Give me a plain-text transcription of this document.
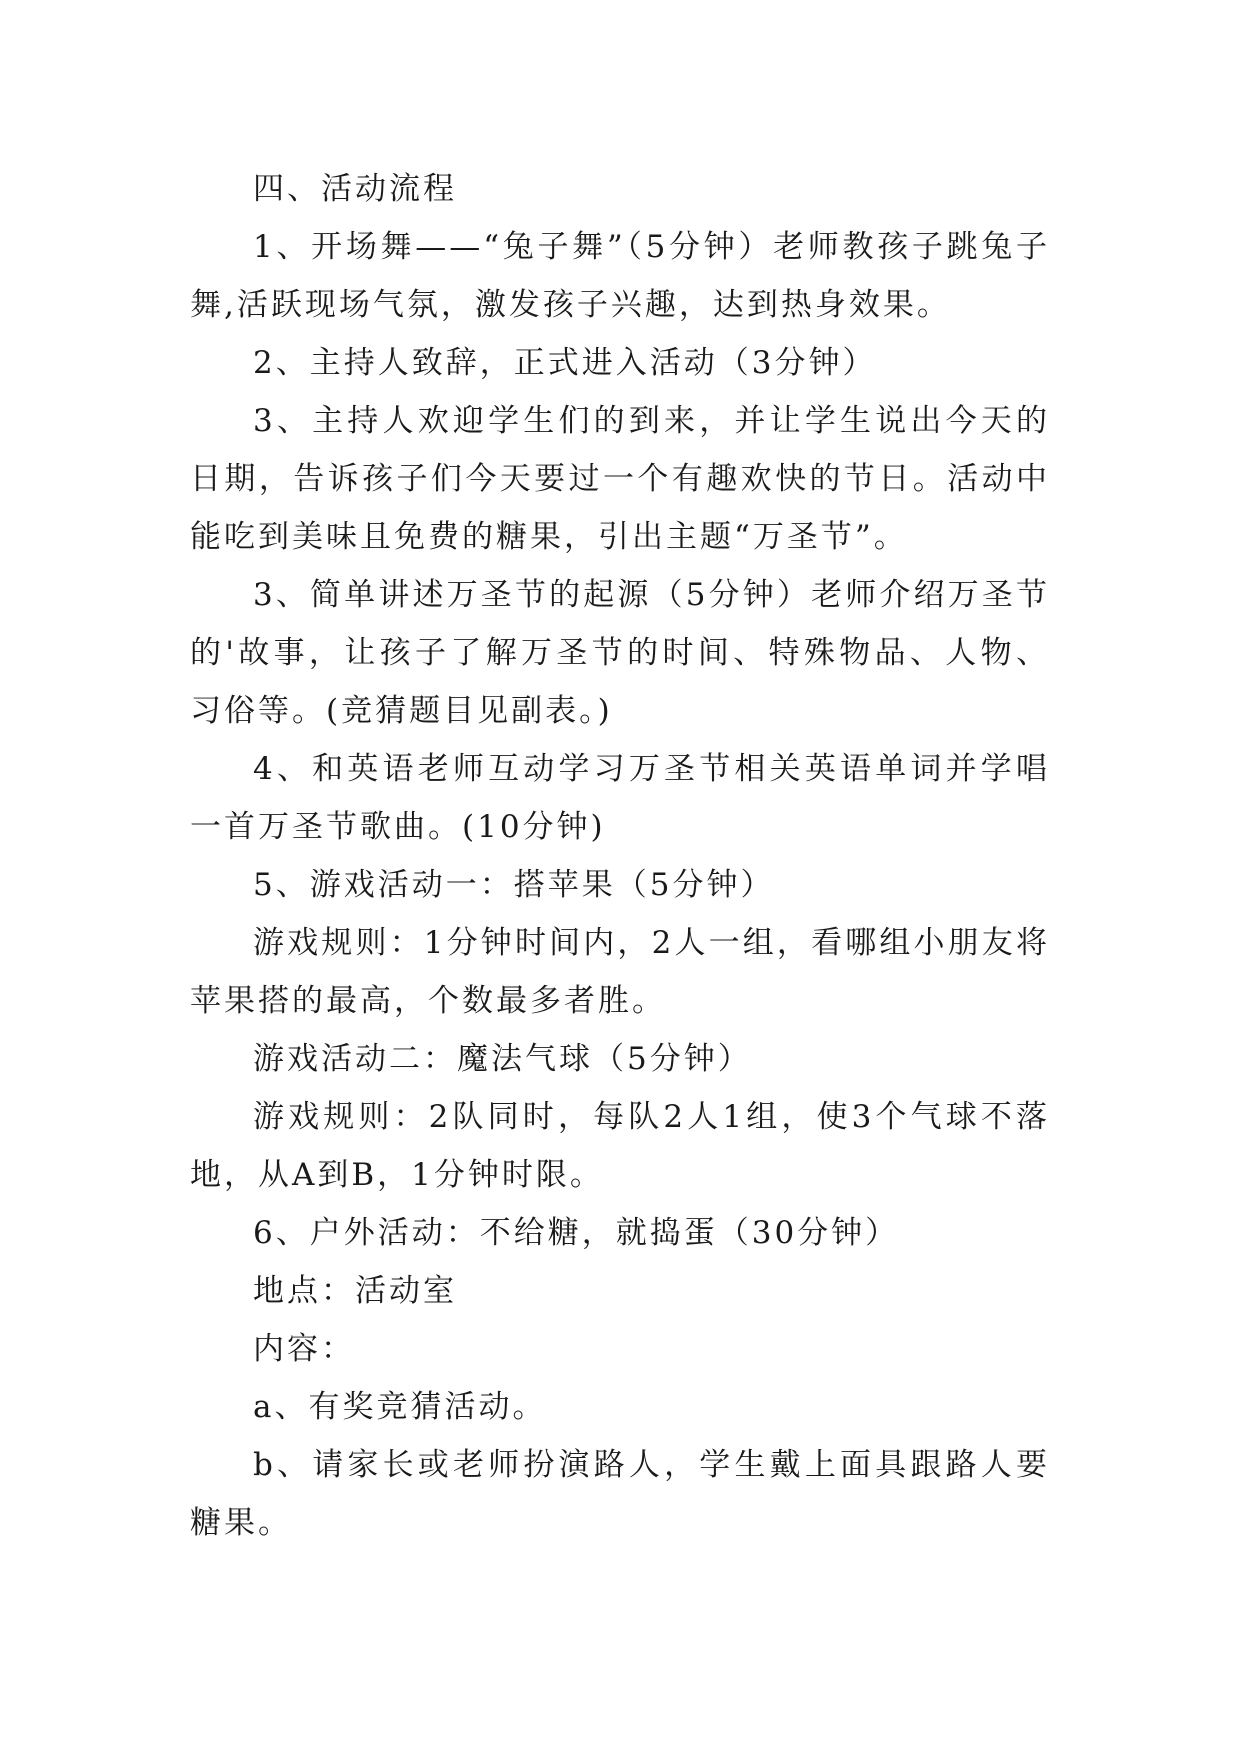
四、活动流程

1、开场舞——“兔子舞”（5分钟）老师教孩子跳兔子舞,活跃现场气氛，激发孩子兴趣，达到热身效果。

2、主持人致辞，正式进入活动（3分钟）

3、主持人欢迎学生们的到来，并让学生说出今天的日期，告诉孩子们今天要过一个有趣欢快的节日。活动中能吃到美味且免费的糖果，引出主题“万圣节”。

3、简单讲述万圣节的起源（5分钟）老师介绍万圣节的'故事，让孩子了解万圣节的时间、特殊物品、人物、习俗等。(竞猜题目见副表。)

4、和英语老师互动学习万圣节相关英语单词并学唱一首万圣节歌曲。(10分钟)

5、游戏活动一：搭苹果（5分钟）

游戏规则：1分钟时间内，2人一组，看哪组小朋友将苹果搭的最高，个数最多者胜。

游戏活动二：魔法气球（5分钟）

游戏规则：2队同时，每队2人1组，使3个气球不落地，从A到B，1分钟时限。

6、户外活动：不给糖，就捣蛋（30分钟）

地点：活动室

内容：

a、有奖竞猜活动。

b、请家长或老师扮演路人，学生戴上面具跟路人要糖果。
